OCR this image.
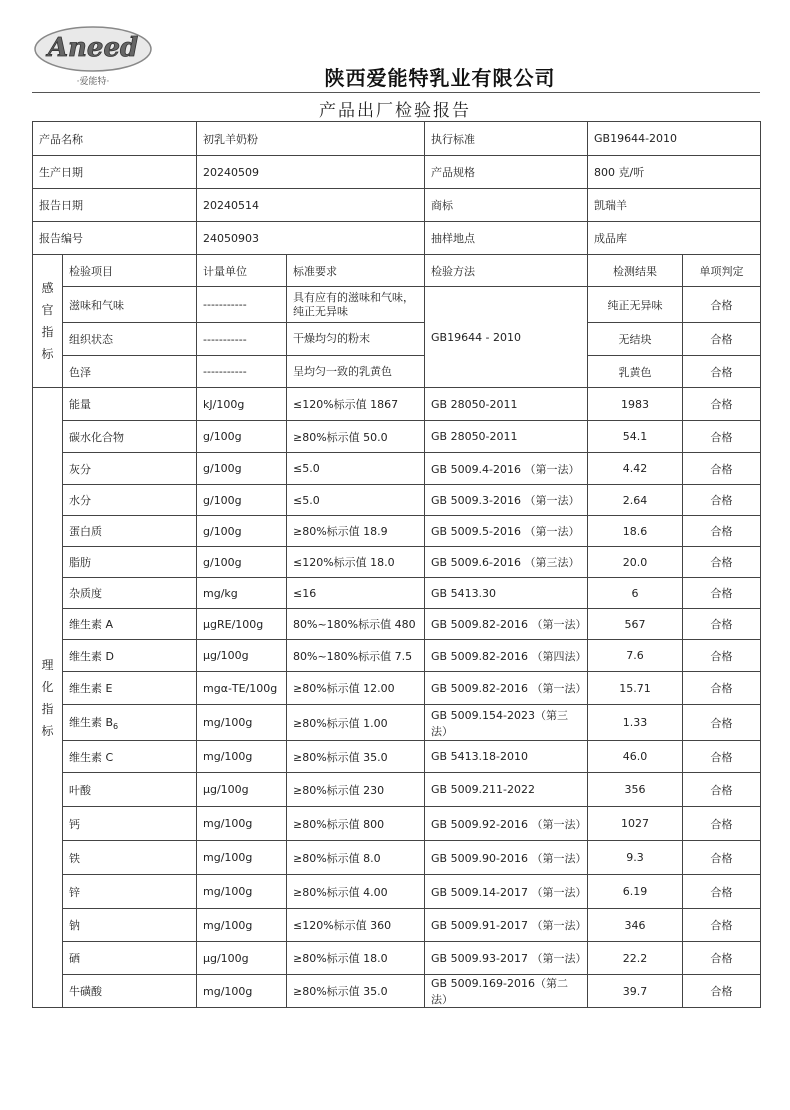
Aneed
·爱能特·	陕西爱能特乳业有限公司
产品出厂检验报告
产品名称		初乳羊奶粉		执行标准	GB19644-2010	
生产日期		20240509		产品规格	800 克/听	
报告日期		20240514		商标	凯瑞羊	
报告编号		24050903		抽样地点	成品库	
感
官
指
标	检验项目	计量单位	标准要求	检验方法	检测结果	单项判定
	滋味和气味	-----------	具有应有的滋味和气味，纯正无异味	GB19644 - 2010	纯正无异味	合格
	组织状态	-----------	干燥均匀的粉末		无结块	合格
	色泽	-----------	呈均匀一致的乳黄色		乳黄色	合格
理
化
指
标	能量	kJ/100g	≤120%标示值 1867	GB 28050-2011	1983	合格
	碳水化合物	g/100g	≥80%标示值 50.0	GB 28050-2011	54.1	合格
	灰分	g/100g	≤5.0	GB 5009.4-2016 （第一法）	4.42	合格
	水分	g/100g	≤5.0	GB 5009.3-2016 （第一法）	2.64	合格
	蛋白质	g/100g	≥80%标示值 18.9	GB 5009.5-2016 （第一法）	18.6	合格
	脂肪	g/100g	≤120%标示值 18.0	GB 5009.6-2016 （第三法）	20.0	合格
	杂质度	mg/kg	≤16	GB 5413.30	6	合格
	维生素 A	μgRE/100g	80%~180%标示值 480	GB 5009.82-2016 （第一法）	567	合格
	维生素 D	μg/100g	80%~180%标示值 7.5	GB 5009.82-2016 （第四法）	7.6	合格
	维生素 E	mgα-TE/100g	≥80%标示值 12.00	GB 5009.82-2016 （第一法）	15.71	合格
	维生素 $B_6$	mg/100g	≥80%标示值 1.00	GB 5009.154-2023（第三法）	1.33	合格
	维生素 C	mg/100g	≥80%标示值 35.0	GB 5413.18-2010	46.0	合格
	叶酸	μg/100g	≥80%标示值 230	GB 5009.211-2022	356	合格
	钙	mg/100g	≥80%标示值 800	GB 5009.92-2016 （第一法）	1027	合格
	铁	mg/100g	≥80%标示值 8.0	GB 5009.90-2016 （第一法）	9.3	合格
	锌	mg/100g	≥80%标示值 4.00	GB 5009.14-2017 （第一法）	6.19	合格
	钠	mg/100g	≤120%标示值 360	GB 5009.91-2017 （第一法）	346	合格
	硒	μg/100g	≥80%标示值 18.0	GB 5009.93-2017 （第一法）	22.2	合格
	牛磺酸	mg/100g	≥80%标示值 35.0	GB 5009.169-2016（第二法）	39.7	合格
